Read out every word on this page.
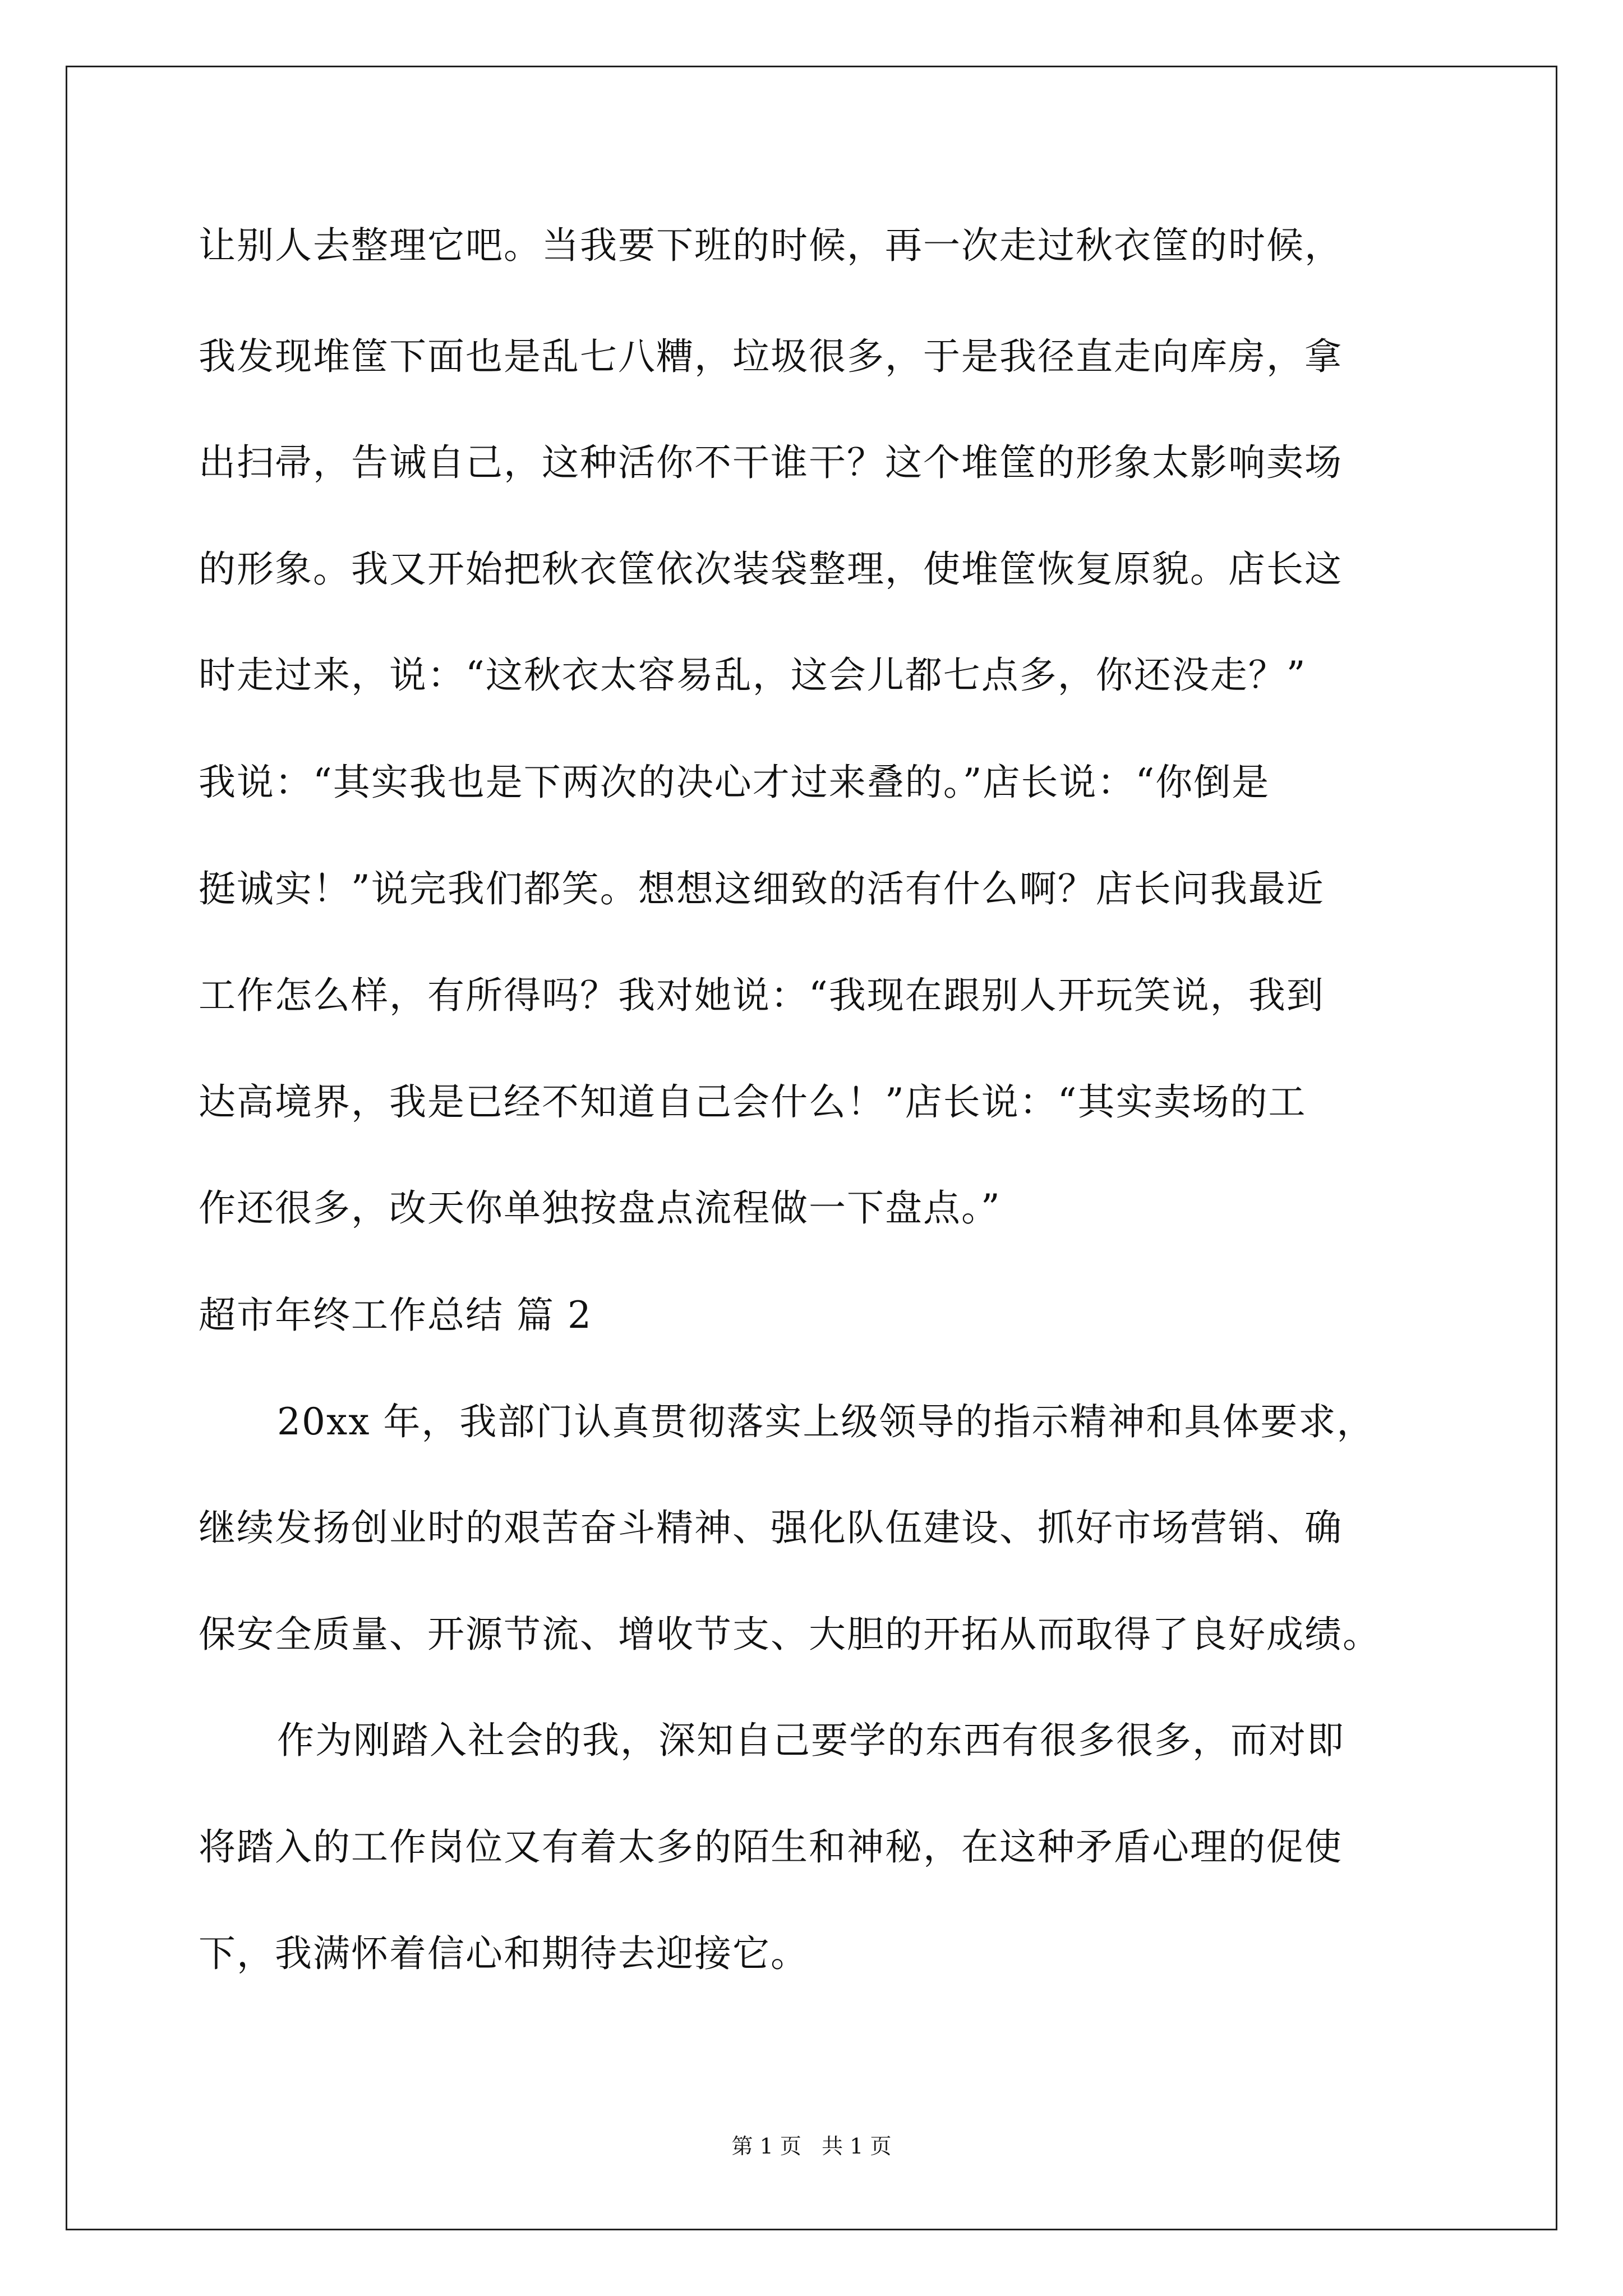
让别人去整理它吧。当我要下班的时候，再一次走过秋衣筐的时候，
我发现堆筐下面也是乱七八糟，垃圾很多，于是我径直走向库房，拿
出扫帚，告诫自己，这种活你不干谁干？这个堆筐的形象太影响卖场
的形象。我又开始把秋衣筐依次装袋整理，使堆筐恢复原貌。店长这
时走过来，说：“这秋衣太容易乱，这会儿都七点多，你还没走？”
我说：“其实我也是下两次的决心才过来叠的。”店长说：“你倒是
挺诚实！”说完我们都笑。想想这细致的活有什么啊？店长问我最近
工作怎么样，有所得吗？我对她说：“我现在跟别人开玩笑说，我到
达高境界，我是已经不知道自己会什么！”店长说：“其实卖场的工
作还很多，改天你单独按盘点流程做一下盘点。”
超市年终工作总结 篇 2
20xx 年，我部门认真贯彻落实上级领导的指示精神和具体要求，
继续发扬创业时的艰苦奋斗精神、强化队伍建设、抓好市场营销、确
保安全质量、开源节流、增收节支、大胆的开拓从而取得了良好成绩。
作为刚踏入社会的我，深知自己要学的东西有很多很多，而对即
将踏入的工作岗位又有着太多的陌生和神秘，在这种矛盾心理的促使
下，我满怀着信心和期待去迎接它。
第 1 页   共 1 页
